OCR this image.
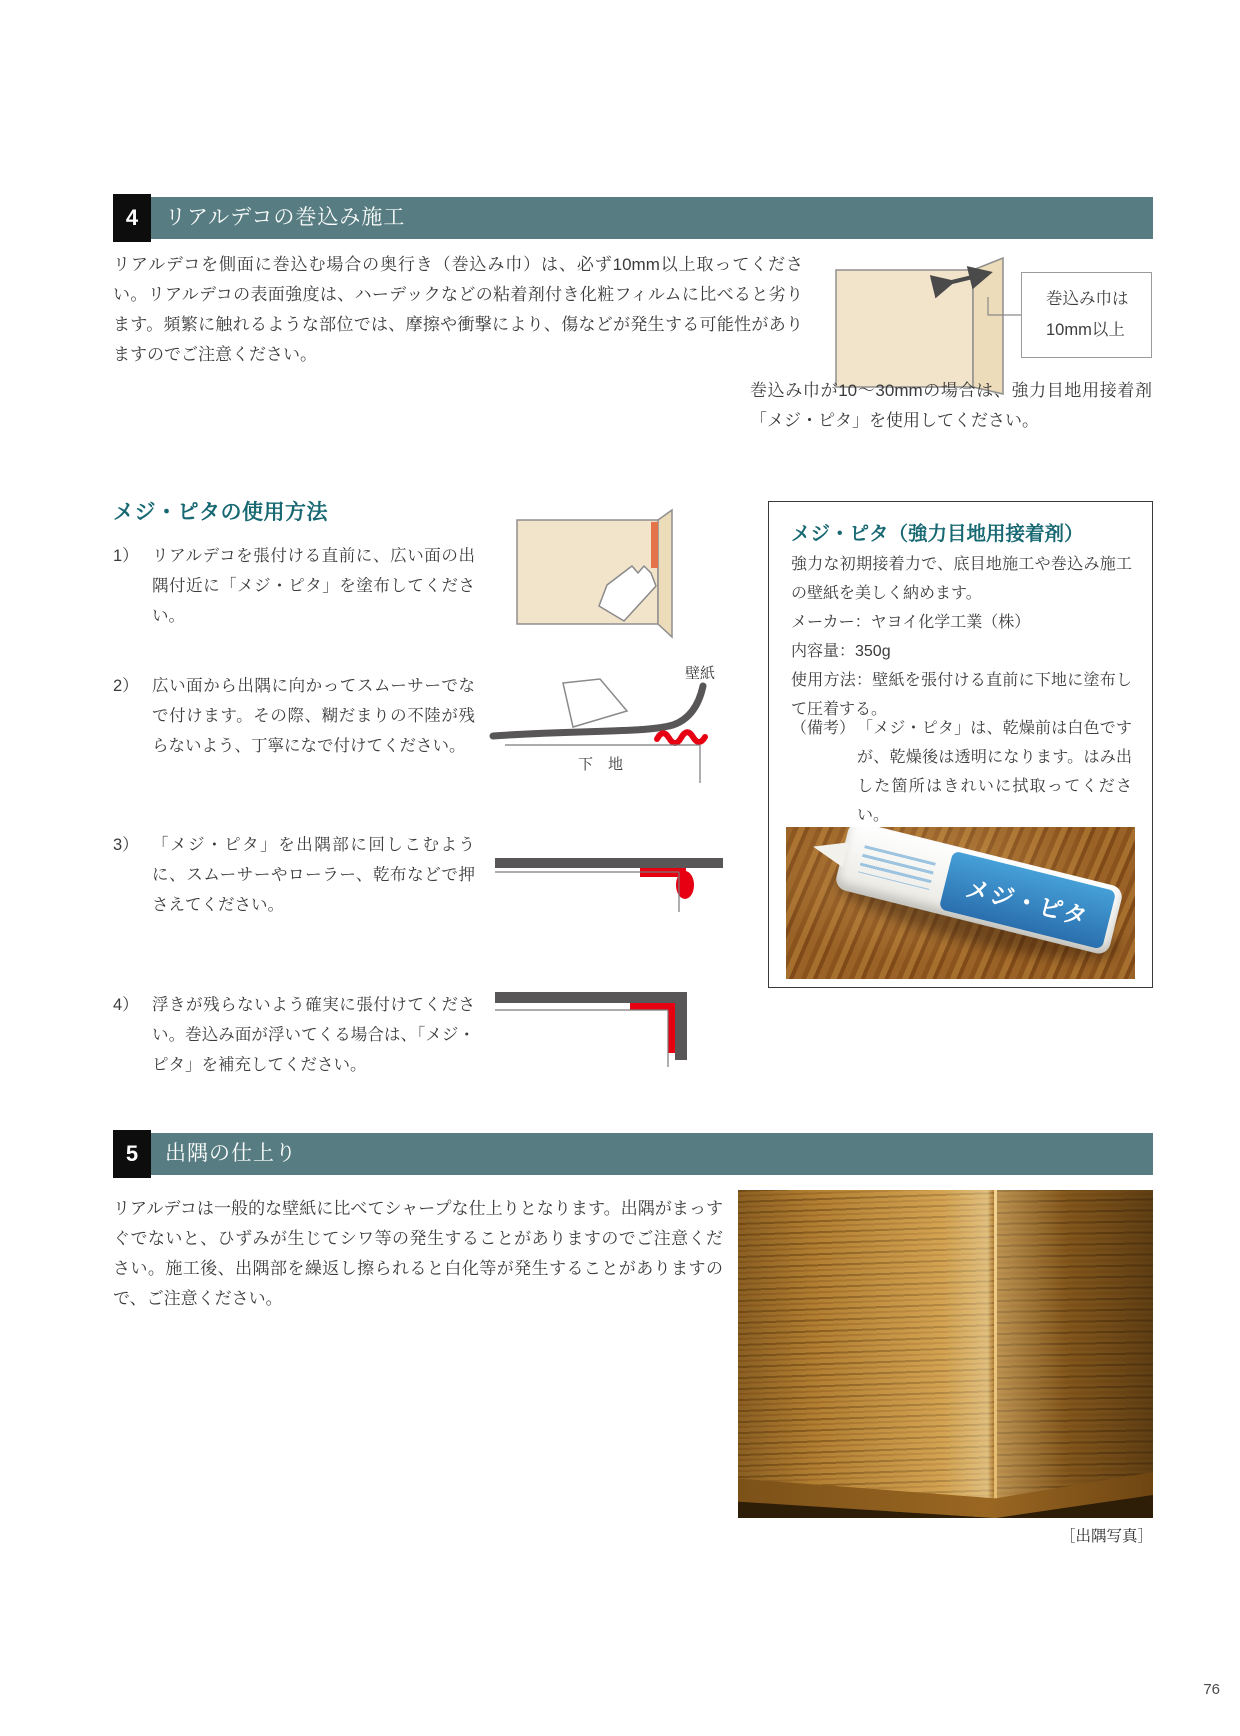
4	リアルデコの巻込み施工
リアルデコを側面に巻込む場合の奥行き（巻込み巾）は、必ず10mm以上取ってください。リアルデコの表面強度は、ハーデックなどの粘着剤付き化粧フィルムに比べると劣ります。頻繁に触れるような部位では、摩擦や衝撃により、傷などが発生する可能性がありますのでご注意ください。
巻込み巾は
10mm以上
巻込み巾が10〜30mmの場合は、強力目地用接着剤「メジ・ピタ」を使用してください。
メジ・ピタの使用方法
1） リアルデコを張付ける直前に、広い面の出隅付近に「メジ・ピタ」を塗布してください。
2） 広い面から出隅に向かってスムーサーでなで付けます。その際、糊だまりの不陸が残らないよう、丁寧になで付けてください。
3） 「メジ・ピタ」を出隅部に回しこむように、スムーサーやローラー、乾布などで押さえてください。
4） 浮きが残らないよう確実に張付けてください。巻込み面が浮いてくる場合は、「メジ・ピタ」を補充してください。
壁紙
下　地
メジ・ピタ（強力目地用接着剤）
強力な初期接着力で、底目地施工や巻込み施工の壁紙を美しく納めます。
メーカー：ヤヨイ化学工業（株）
内容量：350g
使用方法：壁紙を張付ける直前に下地に塗布して圧着する。
（備考） 「メジ・ピタ」は、乾燥前は白色ですが、乾燥後は透明になります。はみ出した箇所はきれいに拭取ってください。
メジ・ピタ
5	出隅の仕上り
リアルデコは一般的な壁紙に比べてシャープな仕上りとなります。出隅がまっすぐでないと、ひずみが生じてシワ等の発生することがありますのでご注意ください。施工後、出隅部を繰返し擦られると白化等が発生することがありますので、ご注意ください。
［出隅写真］
76
